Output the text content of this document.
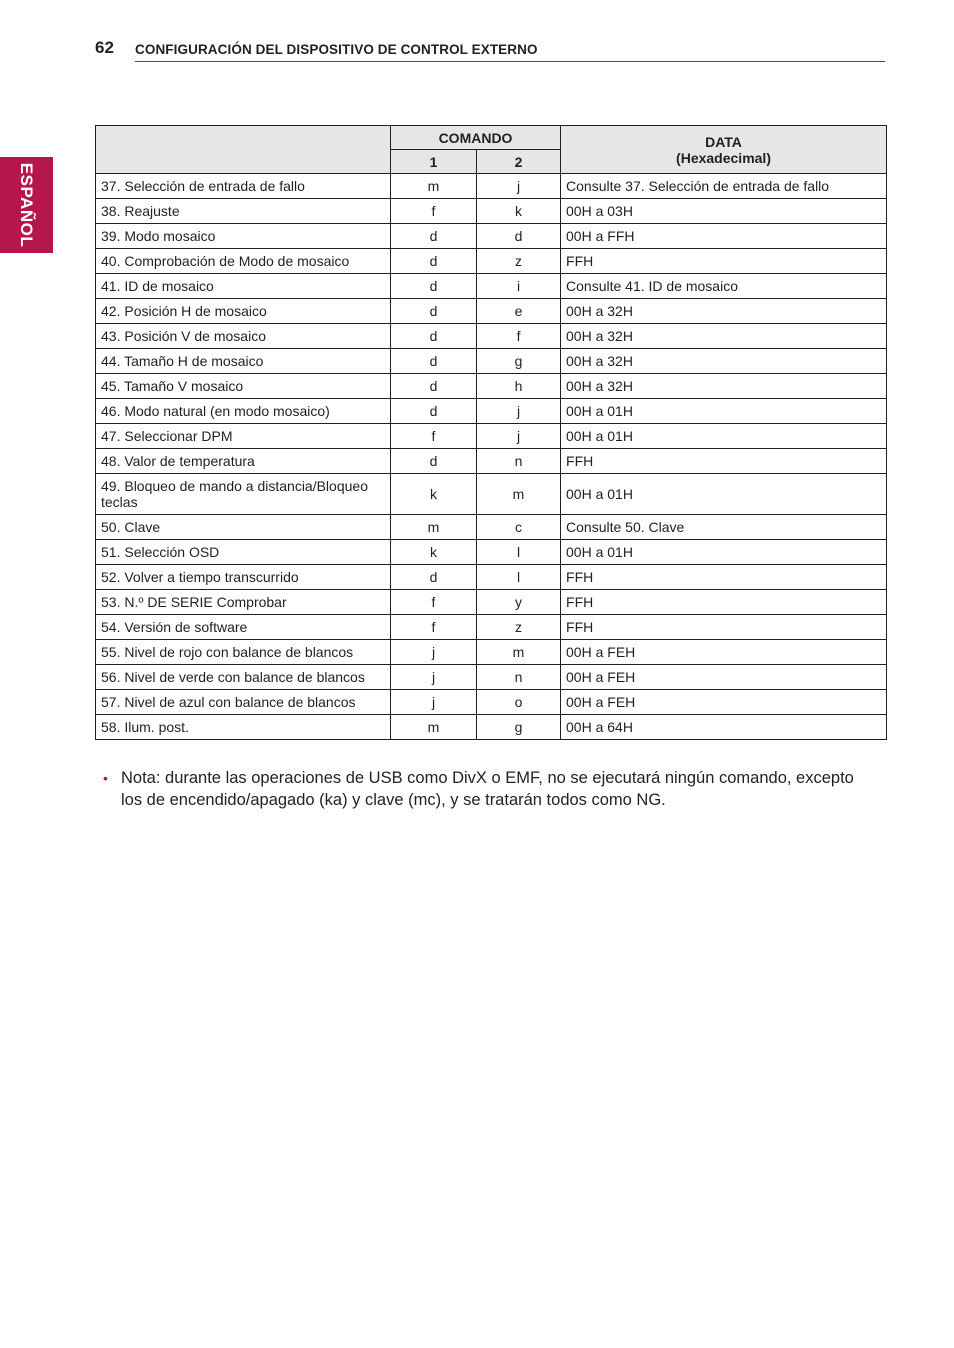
62 CONFIGURACIÓN DEL DISPOSITIVO DE CONTROL EXTERNO
ESPAÑOL
	COMANDO		DATA
(Hexadecimal)

	1	2	
37. Selección de entrada de fallo	m	j	Consulte 37. Selección de entrada de fallo
38. Reajuste	f	k	00H a 03H
39. Modo mosaico	d	d	00H a FFH
40. Comprobación de Modo de mosaico	d	z	FFH
41. ID de mosaico	d	i	Consulte 41. ID de mosaico
42. Posición H de mosaico	d	e	00H a 32H
43. Posición V de mosaico	d	f	00H a 32H
44. Tamaño H de mosaico	d	g	00H a 32H
45. Tamaño V mosaico	d	h	00H a 32H
46. Modo natural (en modo mosaico)	d	j	00H a 01H
47. Seleccionar DPM	f	j	00H a 01H
48. Valor de temperatura	d	n	FFH
49. Bloqueo de mando a distancia/Bloqueo teclas	k	m	00H a 01H
50. Clave	m	c	Consulte 50. Clave
51. Selección OSD	k	l	00H a 01H
52. Volver a tiempo transcurrido	d	l	FFH
53. N.º DE SERIE Comprobar	f	y	FFH
54. Versión de software	f	z	FFH
55. Nivel de rojo con balance de blancos	j	m	00H a FEH
56. Nivel de verde con balance de blancos	j	n	00H a FEH
57. Nivel de azul con balance de blancos	j	o	00H a FEH
58. Ilum. post.	m	g	00H a 64H
• Nota: durante las operaciones de USB como DivX o EMF, no se ejecutará ningún comando, excepto los de encendido/apagado (ka) y clave (mc), y se tratarán todos como NG.
